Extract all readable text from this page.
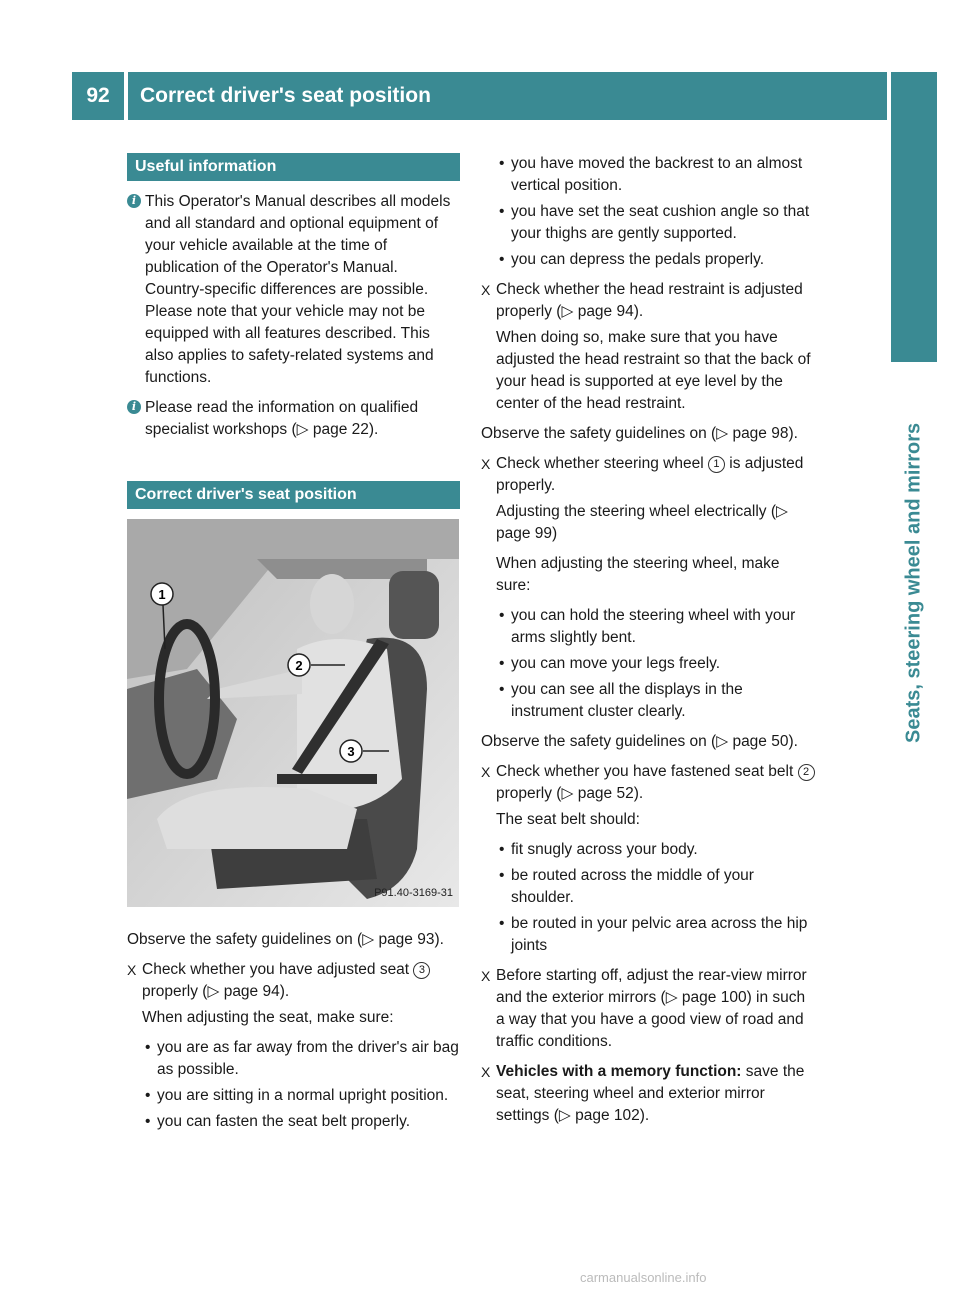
92	Correct driver's seat position
Seats, steering wheel and mirrors
Useful information
i This Operator's Manual describes all models and all standard and optional equipment of your vehicle available at the time of publication of the Operator's Manual. Country-specific differences are possible. Please note that your vehicle may not be equipped with all features described. This also applies to safety-related systems and functions.
i Please read the information on qualified specialist workshops (▷ page 22).
Correct driver's seat position
1
2
3
P91.40-3169-31
Observe the safety guidelines on (▷ page 93).
X Check whether you have adjusted seat 3 properly (▷ page 94).
When adjusting the seat, make sure:
• you are as far away from the driver's air bag as possible.
• you are sitting in a normal upright position.
• you can fasten the seat belt properly.
• you have moved the backrest to an almost vertical position.
• you have set the seat cushion angle so that your thighs are gently supported.
• you can depress the pedals properly.
X Check whether the head restraint is adjusted properly (▷ page 94).
When doing so, make sure that you have adjusted the head restraint so that the back of your head is supported at eye level by the center of the head restraint.
Observe the safety guidelines on (▷ page 98).
X Check whether steering wheel 1 is adjusted properly.
Adjusting the steering wheel electrically (▷ page 99)
When adjusting the steering wheel, make sure:
• you can hold the steering wheel with your arms slightly bent.
• you can move your legs freely.
• you can see all the displays in the instrument cluster clearly.
Observe the safety guidelines on (▷ page 50).
X Check whether you have fastened seat belt 2 properly (▷ page 52).
The seat belt should:
• fit snugly across your body.
• be routed across the middle of your shoulder.
• be routed in your pelvic area across the hip joints
X Before starting off, adjust the rear-view mirror and the exterior mirrors (▷ page 100) in such a way that you have a good view of road and traffic conditions.
X Vehicles with a memory function: save the seat, steering wheel and exterior mirror settings (▷ page 102).
carmanualsonline.info
